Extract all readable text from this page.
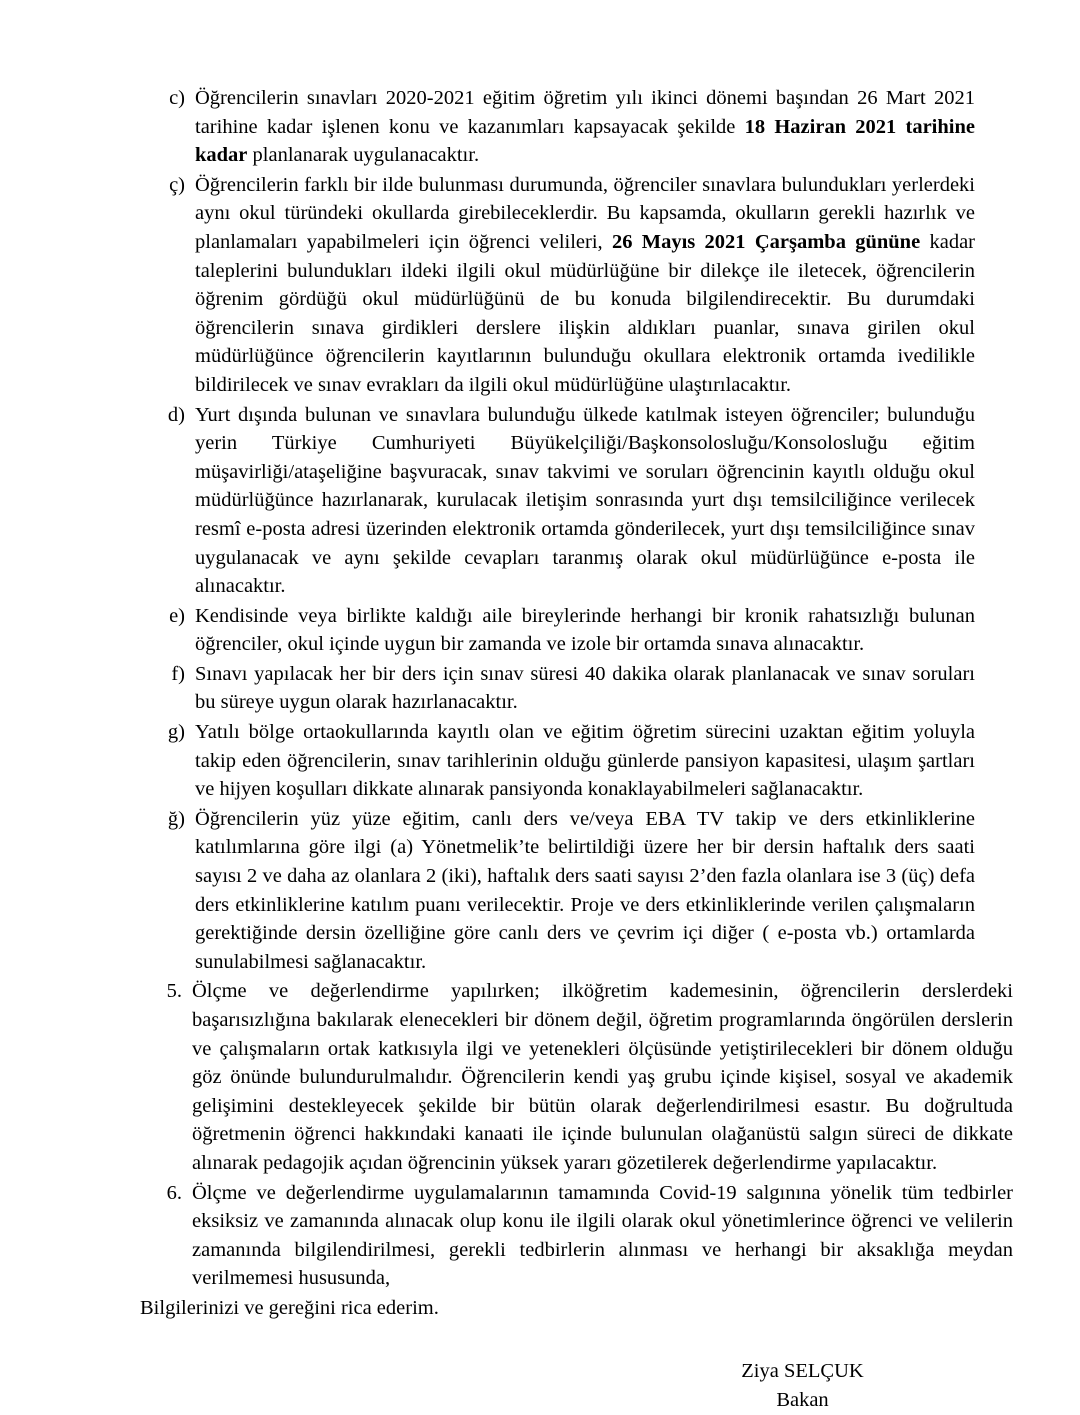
c) Öğrencilerin sınavları 2020-2021 eğitim öğretim yılı ikinci dönemi başından 26 Mart 2021 tarihine kadar işlenen konu ve kazanımları kapsayacak şekilde 18 Haziran 2021 tarihine kadar planlanarak uygulanacaktır.
ç) Öğrencilerin farklı bir ilde bulunması durumunda, öğrenciler sınavlara bulundukları yerlerdeki aynı okul türündeki okullarda girebileceklerdir. Bu kapsamda, okulların gerekli hazırlık ve planlamaları yapabilmeleri için öğrenci velileri, 26 Mayıs 2021 Çarşamba gününe kadar taleplerini bulundukları ildeki ilgili okul müdürlüğüne bir dilekçe ile iletecek, öğrencilerin öğrenim gördüğü okul müdürlüğünü de bu konuda bilgilendirecektir. Bu durumdaki öğrencilerin sınava girdikleri derslere ilişkin aldıkları puanlar, sınava girilen okul müdürlüğünce öğrencilerin kayıtlarının bulunduğu okullara elektronik ortamda ivedilikle bildirilecek ve sınav evrakları da ilgili okul müdürlüğüne ulaştırılacaktır.
d) Yurt dışında bulunan ve sınavlara bulunduğu ülkede katılmak isteyen öğrenciler; bulunduğu yerin Türkiye Cumhuriyeti Büyükelçiliği/Başkonsolosluğu/Konsolosluğu eğitim müşavirliği/ataşeliğine başvuracak, sınav takvimi ve soruları öğrencinin kayıtlı olduğu okul müdürlüğünce hazırlanarak, kurulacak iletişim sonrasında yurt dışı temsilciliğince verilecek resmî e-posta adresi üzerinden elektronik ortamda gönderilecek, yurt dışı temsilciliğince sınav uygulanacak ve aynı şekilde cevapları taranmış olarak okul müdürlüğünce e-posta ile alınacaktır.
e) Kendisinde veya birlikte kaldığı aile bireylerinde herhangi bir kronik rahatsızlığı bulunan öğrenciler, okul içinde uygun bir zamanda ve izole bir ortamda sınava alınacaktır.
f) Sınavı yapılacak her bir ders için sınav süresi 40 dakika olarak planlanacak ve sınav soruları bu süreye uygun olarak hazırlanacaktır.
g) Yatılı bölge ortaokullarında kayıtlı olan ve eğitim öğretim sürecini uzaktan eğitim yoluyla takip eden öğrencilerin, sınav tarihlerinin olduğu günlerde pansiyon kapasitesi, ulaşım şartları ve hijyen koşulları dikkate alınarak pansiyonda konaklayabilmeleri sağlanacaktır.
ğ) Öğrencilerin yüz yüze eğitim, canlı ders ve/veya EBA TV takip ve ders etkinliklerine katılımlarına göre ilgi (a) Yönetmelik’te belirtildiği üzere her bir dersin haftalık ders saati sayısı 2 ve daha az olanlara 2 (iki), haftalık ders saati sayısı 2’den fazla olanlara ise 3 (üç) defa ders etkinliklerine katılım puanı verilecektir. Proje ve ders etkinliklerinde verilen çalışmaların gerektiğinde dersin özelliğine göre canlı ders ve çevrim içi diğer ( e-posta vb.) ortamlarda sunulabilmesi sağlanacaktır.
5. Ölçme ve değerlendirme yapılırken; ilköğretim kademesinin, öğrencilerin derslerdeki başarısızlığına bakılarak elenecekleri bir dönem değil, öğretim programlarında öngörülen derslerin ve çalışmaların ortak katkısıyla ilgi ve yetenekleri ölçüsünde yetiştirilecekleri bir dönem olduğu göz önünde bulundurulmalıdır. Öğrencilerin kendi yaş grubu içinde kişisel, sosyal ve akademik gelişimini destekleyecek şekilde bir bütün olarak değerlendirilmesi esastır. Bu doğrultuda öğretmenin öğrenci hakkındaki kanaati ile içinde bulunulan olağanüstü salgın süreci de dikkate alınarak pedagojik açıdan öğrencinin yüksek yararı gözetilerek değerlendirme yapılacaktır.
6. Ölçme ve değerlendirme uygulamalarının tamamında Covid-19 salgınına yönelik tüm tedbirler eksiksiz ve zamanında alınacak olup konu ile ilgili olarak okul yönetimlerince öğrenci ve velilerin zamanında bilgilendirilmesi, gerekli tedbirlerin alınması ve herhangi bir aksaklığa meydan verilmemesi hususunda,

Bilgilerinizi ve gereğini rica ederim.

Ziya SELÇUK
Bakan
